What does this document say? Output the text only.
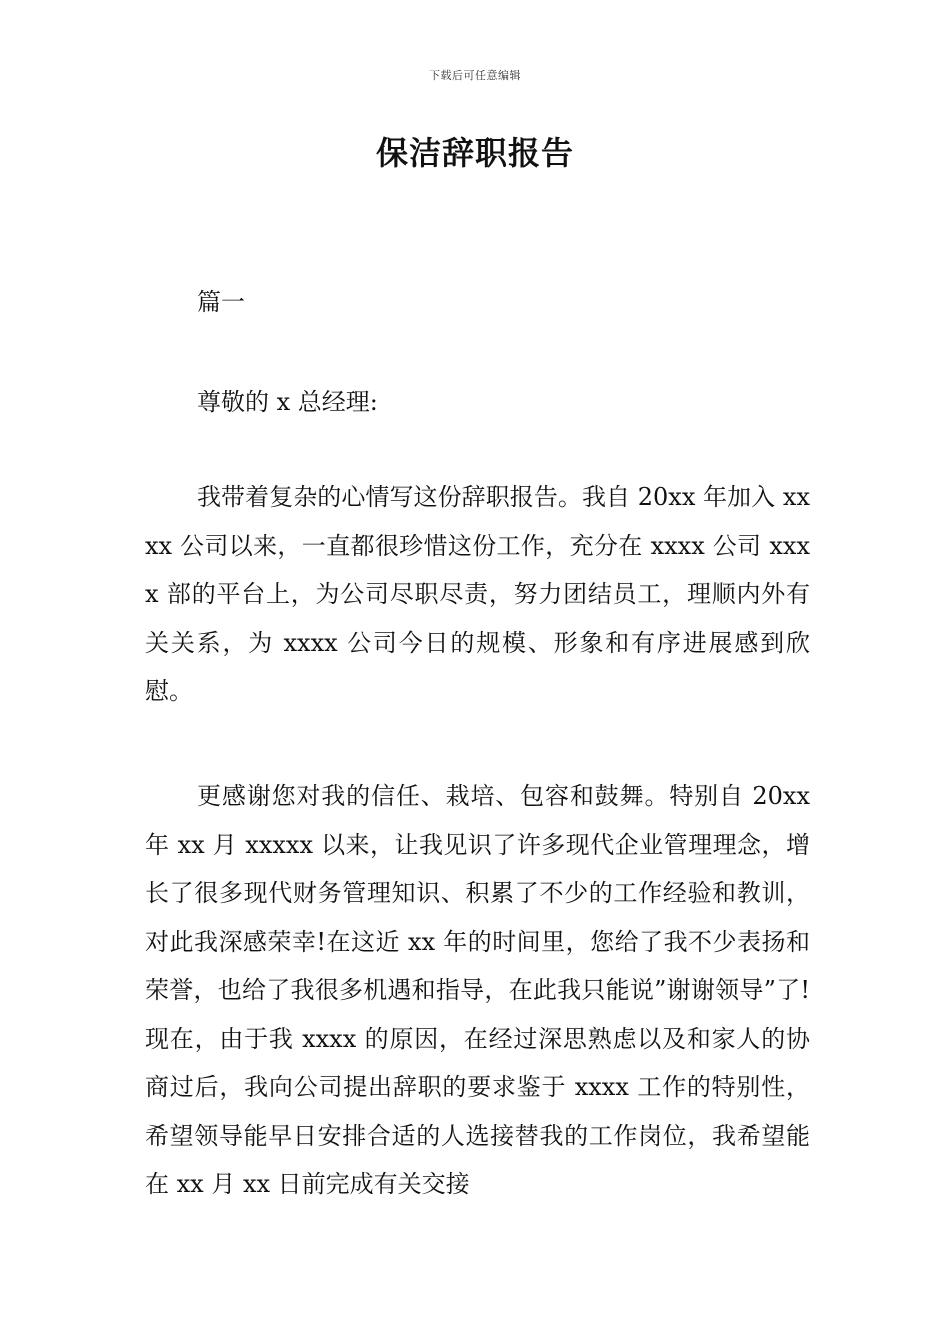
下载后可任意编辑
保洁辞职报告
篇一
尊敬的 x 总经理:

我带着复杂的心情写这份辞职报告。我自 20xx 年加入 xxxx 公司以来，一直都很珍惜这份工作，充分在 xxxx 公司 xxxx 部的平台上，为公司尽职尽责，努力团结员工，理顺内外有关关系，为 xxxx 公司今日的规模、形象和有序进展感到欣慰。

更感谢您对我的信任、栽培、包容和鼓舞。特别自 20xx 年 xx 月 xxxxx 以来，让我见识了许多现代企业管理理念，增长了很多现代财务管理知识、积累了不少的工作经验和教训，对此我深感荣幸!在这近 xx 年的时间里，您给了我不少表扬和荣誉，也给了我很多机遇和指导，在此我只能说”谢谢领导”了!现在，由于我 xxxx 的原因，在经过深思熟虑以及和家人的协商过后，我向公司提出辞职的要求鉴于 xxxx 工作的特别性，希望领导能早日安排合适的人选接替我的工作岗位，我希望能在 xx 月 xx 日前完成有关交接
